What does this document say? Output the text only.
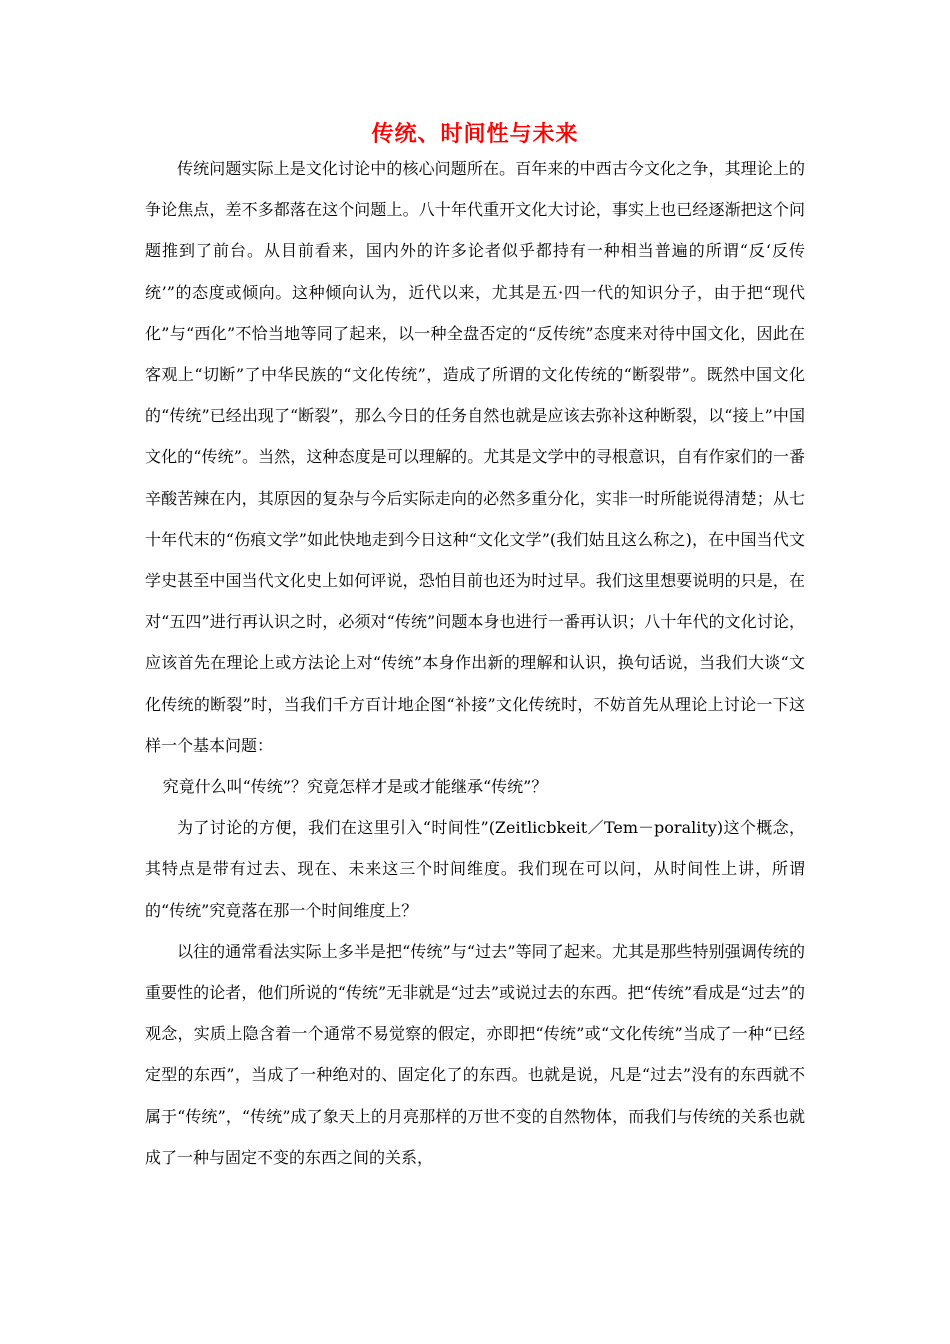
传统、时间性与未来

传统问题实际上是文化讨论中的核心问题所在。百年来的中西古今文化之争，其理论上的争论焦点，差不多都落在这个问题上。八十年代重开文化大讨论，事实上也已经逐渐把这个问题推到了前台。从目前看来，国内外的许多论者似乎都持有一种相当普遍的所谓“反‘反传统’”的态度或倾向。这种倾向认为，近代以来，尤其是五·四一代的知识分子，由于把“现代化”与“西化”不恰当地等同了起来，以一种全盘否定的“反传统”态度来对待中国文化，因此在客观上“切断”了中华民族的“文化传统”，造成了所谓的文化传统的“断裂带”。既然中国文化的“传统”已经出现了“断裂”，那么今日的任务自然也就是应该去弥补这种断裂，以“接上”中国文化的“传统”。当然，这种态度是可以理解的。尤其是文学中的寻根意识，自有作家们的一番辛酸苦辣在内，其原因的复杂与今后实际走向的必然多重分化，实非一时所能说得清楚；从七十年代末的“伤痕文学”如此快地走到今日这种“文化文学”(我们姑且这么称之)，在中国当代文学史甚至中国当代文化史上如何评说，恐怕目前也还为时过早。我们这里想要说明的只是，在对“五四”进行再认识之时，必须对“传统”问题本身也进行一番再认识；八十年代的文化讨论，应该首先在理论上或方法论上对“传统”本身作出新的理解和认识，换句话说，当我们大谈“文化传统的断裂”时，当我们千方百计地企图“补接”文化传统时，不妨首先从理论上讨论一下这样一个基本问题：

究竟什么叫“传统”？究竟怎样才是或才能继承“传统”？

为了讨论的方便，我们在这里引入“时间性”(Zeitlicbkeit／Tem－porality)这个概念，其特点是带有过去、现在、未来这三个时间维度。我们现在可以问，从时间性上讲，所谓的“传统”究竟落在那一个时间维度上？

以往的通常看法实际上多半是把“传统”与“过去”等同了起来。尤其是那些特别强调传统的重要性的论者，他们所说的“传统”无非就是“过去”或说过去的东西。把“传统”看成是“过去”的观念，实质上隐含着一个通常不易觉察的假定，亦即把“传统”或“文化传统”当成了一种“已经定型的东西”，当成了一种绝对的、固定化了的东西。也就是说，凡是“过去”没有的东西就不属于“传统”，“传统”成了象天上的月亮那样的万世不变的自然物体，而我们与传统的关系也就成了一种与固定不变的东西之间的关系，
